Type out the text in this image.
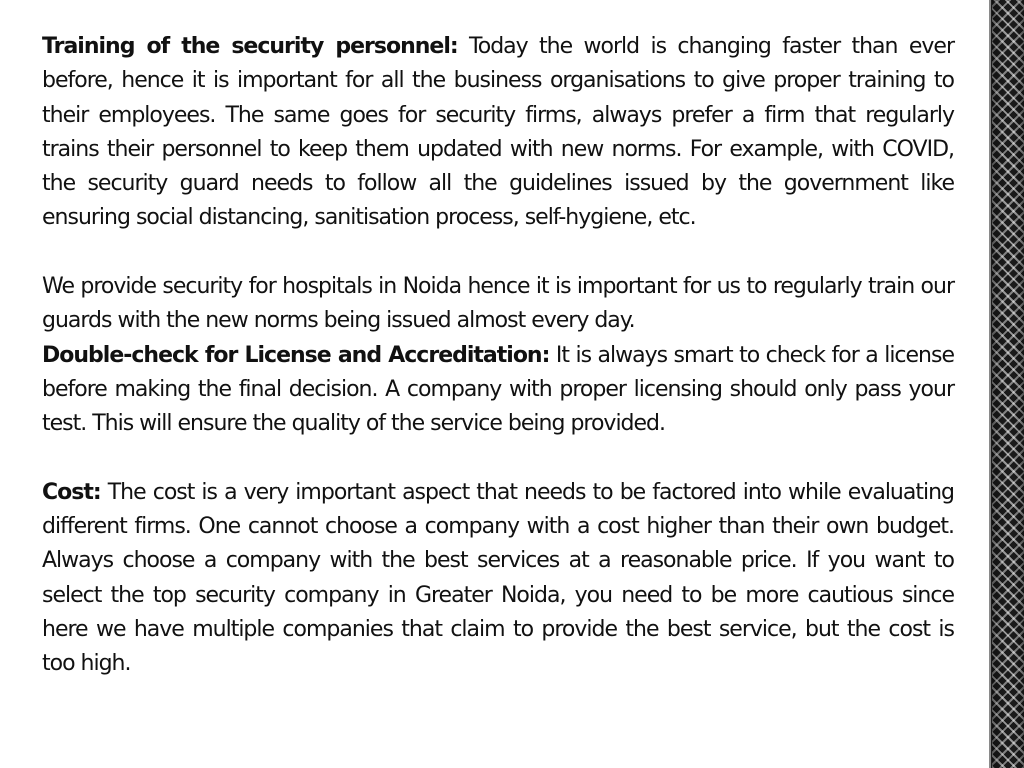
Training of the security personnel: Today the world is changing faster than ever before, hence it is important for all the business organisations to give proper training to their employees. The same goes for security firms, always prefer a firm that regularly trains their personnel to keep them updated with new norms. For example, with COVID, the security guard needs to follow all the guidelines issued by the government like ensuring social distancing, sanitisation process, self-hygiene, etc.

We provide security for hospitals in Noida hence it is important for us to regularly train our guards with the new norms being issued almost every day.

Double-check for License and Accreditation: It is always smart to check for a license before making the final decision. A company with proper licensing should only pass your test. This will ensure the quality of the service being provided.

Cost: The cost is a very important aspect that needs to be factored into while evaluating different firms. One cannot choose a company with a cost higher than their own budget. Always choose a company with the best services at a reasonable price. If you want to select the top security company in Greater Noida, you need to be more cautious since here we have multiple companies that claim to provide the best service, but the cost is too high.
